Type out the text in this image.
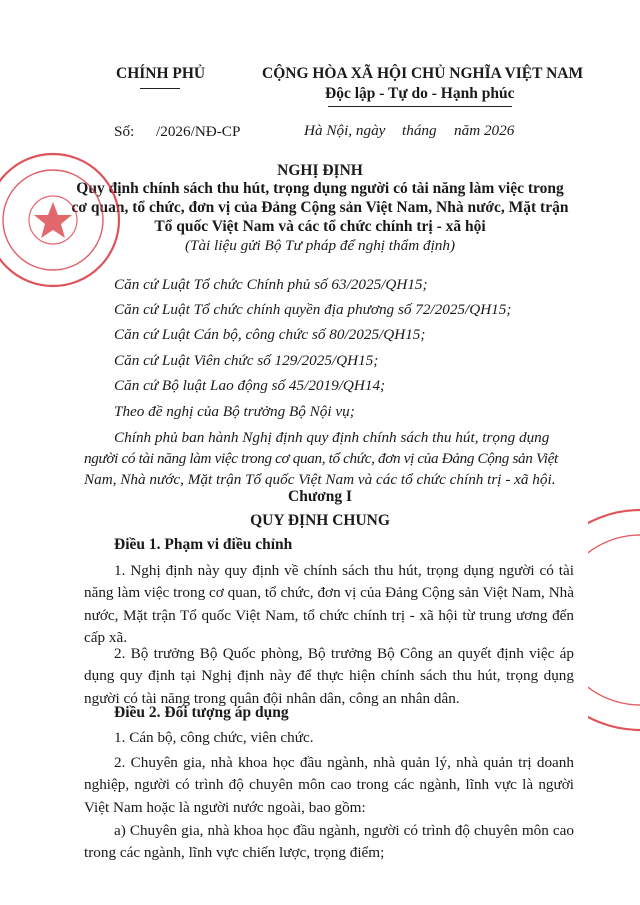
CHÍNH PHỦ	CỘNG HÒA XÃ HỘI CHỦ NGHĨA VIỆT NAM
Độc lập - Tự do - Hạnh phúc
Số: /2026/NĐ-CP	Hà Nội, ngày tháng năm 2026
NGHỊ ĐỊNH
Quy định chính sách thu hút, trọng dụng người có tài năng làm việc trong
cơ quan, tổ chức, đơn vị của Đảng Cộng sản Việt Nam, Nhà nước, Mặt trận
Tổ quốc Việt Nam và các tổ chức chính trị - xã hội
(Tài liệu gửi Bộ Tư pháp để nghị thẩm định)
Căn cứ Luật Tổ chức Chính phủ số 63/2025/QH15;
Căn cứ Luật Tổ chức chính quyền địa phương số 72/2025/QH15;
Căn cứ Luật Cán bộ, công chức số 80/2025/QH15;
Căn cứ Luật Viên chức số 129/2025/QH15;
Căn cứ Bộ luật Lao động số 45/2019/QH14;
Theo đề nghị của Bộ trưởng Bộ Nội vụ;
Chính phủ ban hành Nghị định quy định chính sách thu hút, trọng dụng
người có tài năng làm việc trong cơ quan, tổ chức, đơn vị của Đảng Cộng sản Việt
Nam, Nhà nước, Mặt trận Tổ quốc Việt Nam và các tổ chức chính trị - xã hội.
Chương I
QUY ĐỊNH CHUNG
Điều 1. Phạm vi điều chỉnh
1. Nghị định này quy định về chính sách thu hút, trọng dụng người có tài năng làm việc trong cơ quan, tổ chức, đơn vị của Đảng Cộng sản Việt Nam, Nhà nước, Mặt trận Tổ quốc Việt Nam, tổ chức chính trị - xã hội từ trung ương đến cấp xã.
2. Bộ trưởng Bộ Quốc phòng, Bộ trưởng Bộ Công an quyết định việc áp dụng quy định tại Nghị định này để thực hiện chính sách thu hút, trọng dụng người có tài năng trong quân đội nhân dân, công an nhân dân.
Điều 2. Đối tượng áp dụng
1. Cán bộ, công chức, viên chức.
2. Chuyên gia, nhà khoa học đầu ngành, nhà quản lý, nhà quản trị doanh nghiệp, người có trình độ chuyên môn cao trong các ngành, lĩnh vực là người Việt Nam hoặc là người nước ngoài, bao gồm:
a) Chuyên gia, nhà khoa học đầu ngành, người có trình độ chuyên môn cao trong các ngành, lĩnh vực chiến lược, trọng điểm;
